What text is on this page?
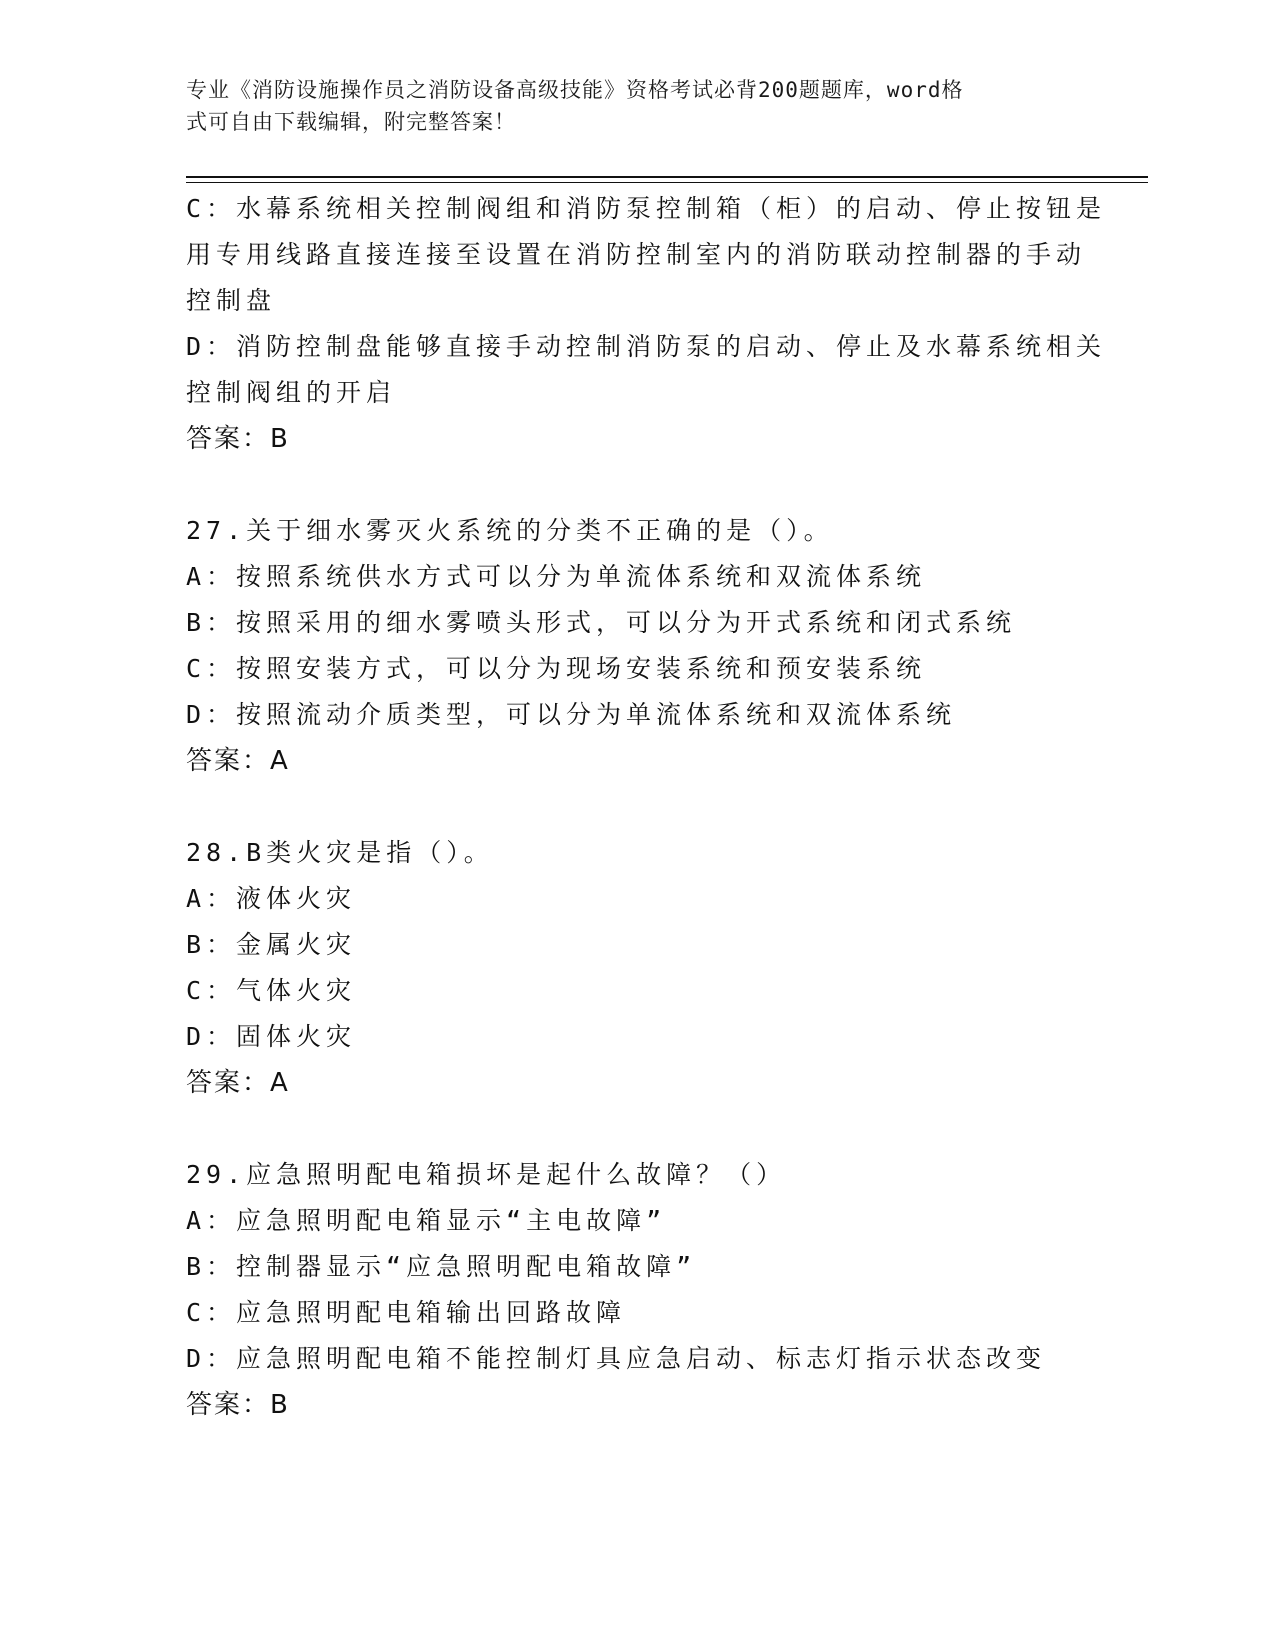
专业《消防设施操作员之消防设备高级技能》资格考试必背200题题库，word格
式可自由下载编辑，附完整答案！
C：水幕系统相关控制阀组和消防泵控制箱（柜）的启动、停止按钮是
用专用线路直接连接至设置在消防控制室内的消防联动控制器的手动
控制盘
D：消防控制盘能够直接手动控制消防泵的启动、停止及水幕系统相关
控制阀组的开启
答案：B
27.关于细水雾灭火系统的分类不正确的是（）。
A：按照系统供水方式可以分为单流体系统和双流体系统
B：按照采用的细水雾喷头形式，可以分为开式系统和闭式系统
C：按照安装方式，可以分为现场安装系统和预安装系统
D：按照流动介质类型，可以分为单流体系统和双流体系统
答案：A
28.B类火灾是指（）。
A：液体火灾
B：金属火灾
C：气体火灾
D：固体火灾
答案：A
29.应急照明配电箱损坏是起什么故障？（）
A：应急照明配电箱显示“主电故障”
B：控制器显示“应急照明配电箱故障”
C：应急照明配电箱输出回路故障
D：应急照明配电箱不能控制灯具应急启动、标志灯指示状态改变
答案：B
